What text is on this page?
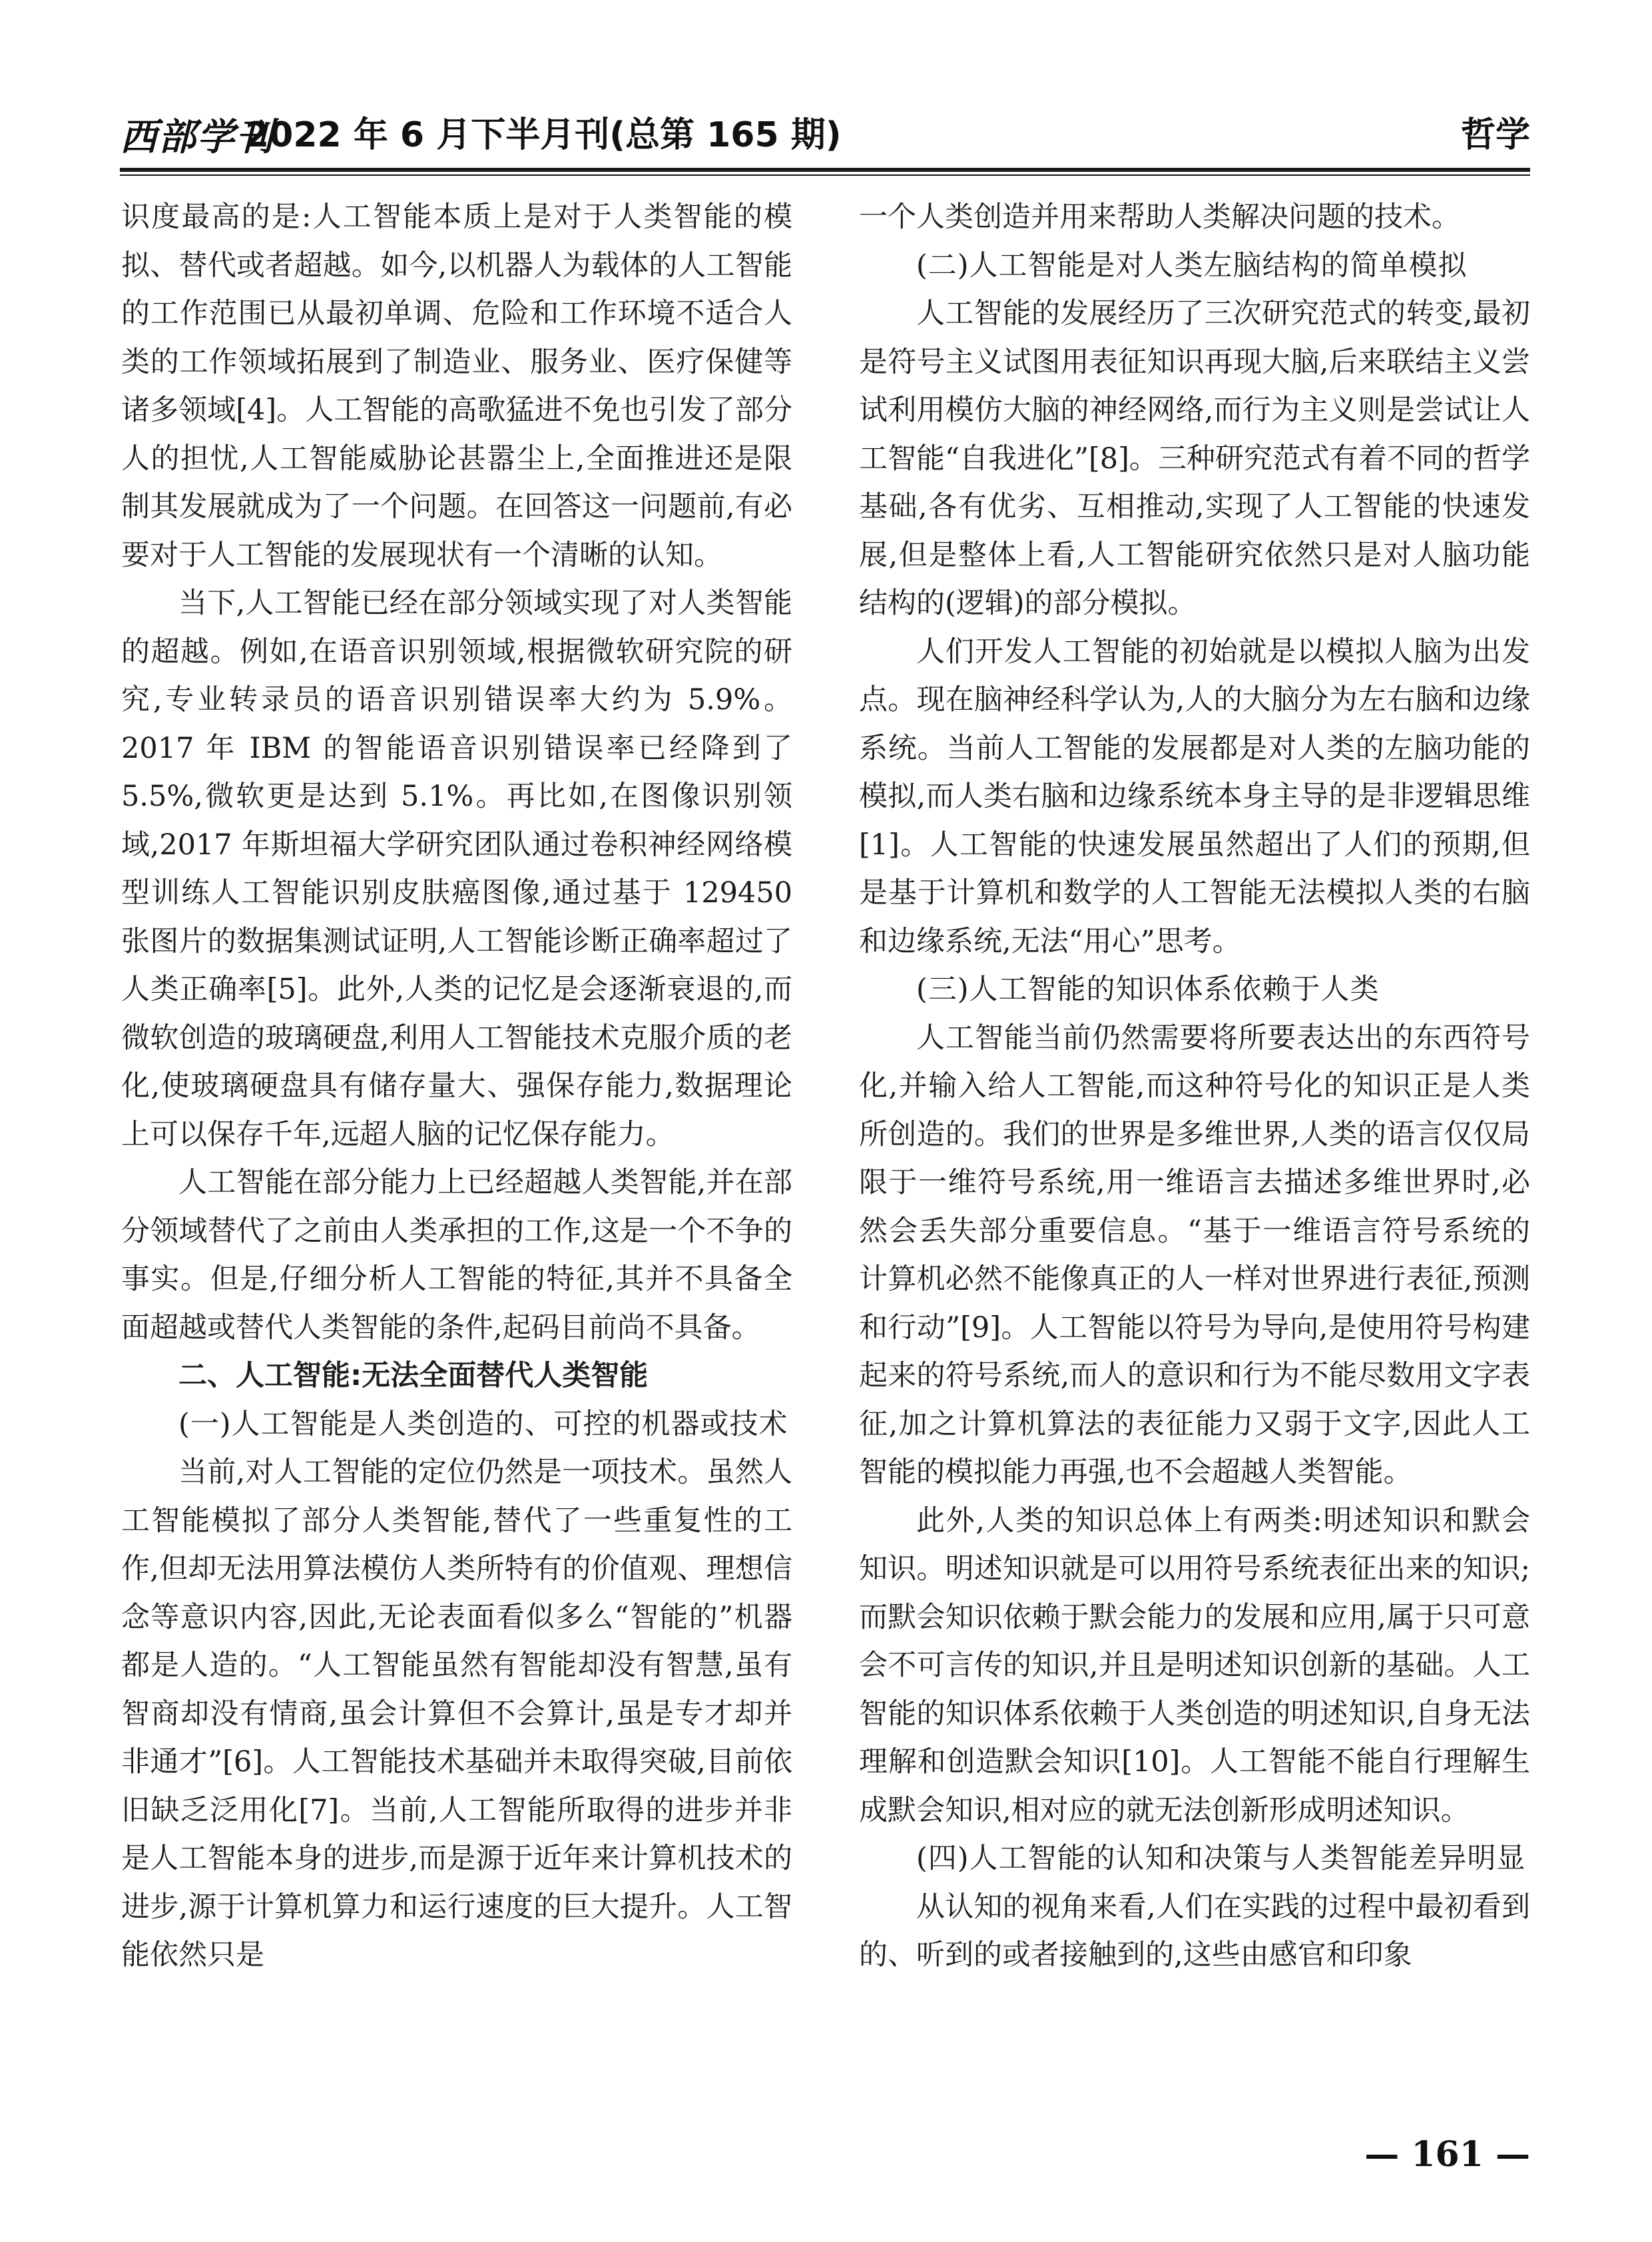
西部学刊
2022 年 6 月下半月刊(总第 165 期)	哲学

识度最高的是:人工智能本质上是对于人类智能的模拟、替代或者超越。如今,以机器人为载体的人工智能的工作范围已从最初单调、危险和工作环境不适合人类的工作领域拓展到了制造业、服务业、医疗保健等诸多领域[4]。人工智能的高歌猛进不免也引发了部分人的担忧,人工智能威胁论甚嚣尘上,全面推进还是限制其发展就成为了一个问题。在回答这一问题前,有必要对于人工智能的发展现状有一个清晰的认知。

当下,人工智能已经在部分领域实现了对人类智能的超越。例如,在语音识别领域,根据微软研究院的研究,专业转录员的语音识别错误率大约为 5.9%。2017 年 IBM 的智能语音识别错误率已经降到了 5.5%,微软更是达到 5.1%。再比如,在图像识别领域,2017 年斯坦福大学研究团队通过卷积神经网络模型训练人工智能识别皮肤癌图像,通过基于 129450 张图片的数据集测试证明,人工智能诊断正确率超过了人类正确率[5]。此外,人类的记忆是会逐渐衰退的,而微软创造的玻璃硬盘,利用人工智能技术克服介质的老化,使玻璃硬盘具有储存量大、强保存能力,数据理论上可以保存千年,远超人脑的记忆保存能力。

人工智能在部分能力上已经超越人类智能,并在部分领域替代了之前由人类承担的工作,这是一个不争的事实。但是,仔细分析人工智能的特征,其并不具备全面超越或替代人类智能的条件,起码目前尚不具备。

二、人工智能:无法全面替代人类智能

(一)人工智能是人类创造的、可控的机器或技术

当前,对人工智能的定位仍然是一项技术。虽然人工智能模拟了部分人类智能,替代了一些重复性的工作,但却无法用算法模仿人类所特有的价值观、理想信念等意识内容,因此,无论表面看似多么“智能的”机器都是人造的。“人工智能虽然有智能却没有智慧,虽有智商却没有情商,虽会计算但不会算计,虽是专才却并非通才”[6]。人工智能技术基础并未取得突破,目前依旧缺乏泛用化[7]。当前,人工智能所取得的进步并非是人工智能本身的进步,而是源于近年来计算机技术的进步,源于计算机算力和运行速度的巨大提升。人工智能依然只是

一个人类创造并用来帮助人类解决问题的技术。

(二)人工智能是对人类左脑结构的简单模拟

人工智能的发展经历了三次研究范式的转变,最初是符号主义试图用表征知识再现大脑,后来联结主义尝试利用模仿大脑的神经网络,而行为主义则是尝试让人工智能“自我进化”[8]。三种研究范式有着不同的哲学基础,各有优劣、互相推动,实现了人工智能的快速发展,但是整体上看,人工智能研究依然只是对人脑功能结构的(逻辑)的部分模拟。

人们开发人工智能的初始就是以模拟人脑为出发点。现在脑神经科学认为,人的大脑分为左右脑和边缘系统。当前人工智能的发展都是对人类的左脑功能的模拟,而人类右脑和边缘系统本身主导的是非逻辑思维[1]。人工智能的快速发展虽然超出了人们的预期,但是基于计算机和数学的人工智能无法模拟人类的右脑和边缘系统,无法“用心”思考。

(三)人工智能的知识体系依赖于人类

人工智能当前仍然需要将所要表达出的东西符号化,并输入给人工智能,而这种符号化的知识正是人类所创造的。我们的世界是多维世界,人类的语言仅仅局限于一维符号系统,用一维语言去描述多维世界时,必然会丢失部分重要信息。“基于一维语言符号系统的计算机必然不能像真正的人一样对世界进行表征,预测和行动”[9]。人工智能以符号为导向,是使用符号构建起来的符号系统,而人的意识和行为不能尽数用文字表征,加之计算机算法的表征能力又弱于文字,因此人工智能的模拟能力再强,也不会超越人类智能。

此外,人类的知识总体上有两类:明述知识和默会知识。明述知识就是可以用符号系统表征出来的知识;而默会知识依赖于默会能力的发展和应用,属于只可意会不可言传的知识,并且是明述知识创新的基础。人工智能的知识体系依赖于人类创造的明述知识,自身无法理解和创造默会知识[10]。人工智能不能自行理解生成默会知识,相对应的就无法创新形成明述知识。

(四)人工智能的认知和决策与人类智能差异明显

从认知的视角来看,人们在实践的过程中最初看到的、听到的或者接触到的,这些由感官和印象

— 161 —
